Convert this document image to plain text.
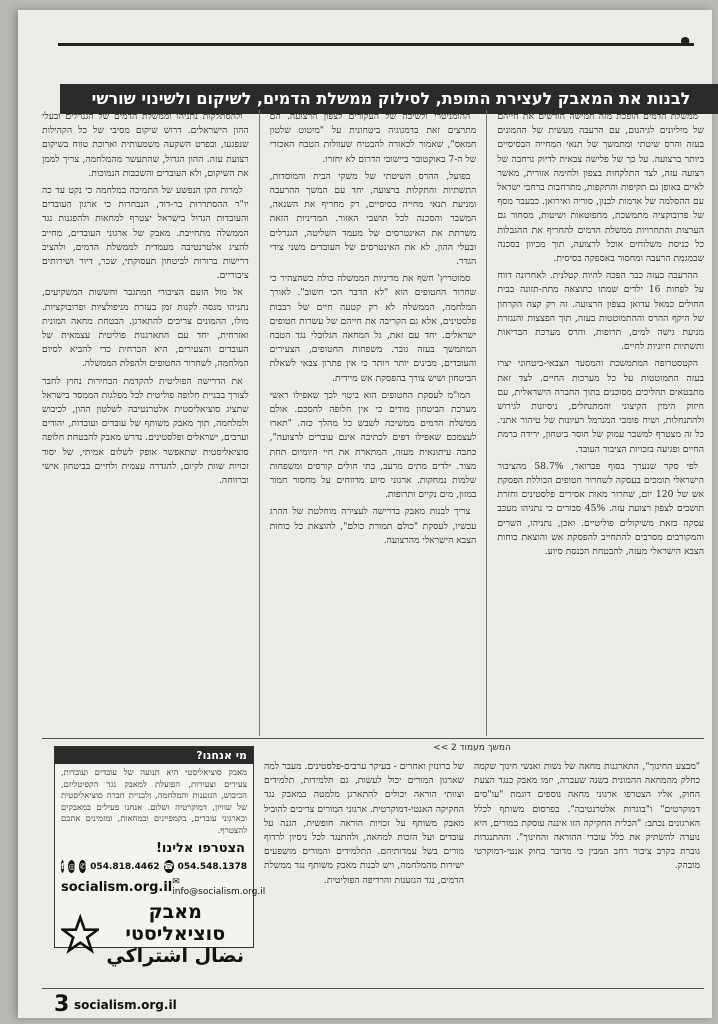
●
לבנות את המאבק לעצירת התופת, לסילוק ממשלת הדמים, לשיקום ולשינוי שורשי

ממשלת הדמים הופכת מזה חמישה חודשים את חייהם של מיליונים לגיהנום, עם הרעבה מעשית של ההמונים בעזה והרס שיטתי ומתמשך של תנאי המחייה הבסיסיים ביותר ברצועה. על כך של פלישה צבאית לדיוק נרחבה של רצועה עזה, לצד התלקחות בצפון ולחימה אזורית, מאשר לאיים באופן גם תקיפות והתקפות, מתרחבות ברחבי ישראל עם ההסלמה של אדמות לבנון, סוריה ואירואן. כבעבר מסף של פרובוקציה מתמשכת, מחפוטאות ושיטות, מסחור גם הערצות והתחרויות ממשלת הדמים להחריף את ההגבלות כל כניסת משלוחים אוכל לרצועה, תוך מכיוון בסכנה שבמגמת הרעבה ומחסור באספקה בסיסית.

ההרעבה בעזה כבר הפכה להיות קטלנית. לאחרונה דווח על לפחות 16 ילדים שמתו כתוצאה מתת-תזונה בבית החולים כמאל עדואן בצפון הרצועה. זה רק קצה הקרחון של היקף ההרס וההתמוטטות בעזה, תוך הפצצות והנגזרת מניעת גישה למים, תרופות, והרס מערכת הבריאות ותשתיות חיוניות לחיים.

הקטסטרופה המתמשכת והמסעד הצבאי-ביטחוני יצרו בעזה התמוטטות על כל מערכות החיים. לצד זאת מתבטאים תהליכים מסוכנים בתוך החברה הישראלית, עם חיזוק הימין הקיצוני והמתנחלים, ניסיונות לגירוש ולהתנחלות, ושיח פומבי המנרמל רעיונות של טיהור אתני. כל זה מצטרף למשבר עמוק של חוסר ביטחון, ירידה ברמת החיים ופגיעה בזכויות הציבור העובד.

לפי סקר שנערך בסוף פברואר, 58.7% מהציבור הישראלי תומכים בעסקה לשחרור חטופים הכוללת הפסקת אש של 120 יום, שחרור מאות אסירים פלסטינים וחזרת תושבים לצפון רצועת עזה. 45% סבורים כי נתניהו מעכב עסקה כזאת משיקולים פוליטיים. ואכן, נתניהו, השרים והמקורבים מסרבים להתחייב להפסקת אש והוצאת כוחות הצבא הישראלי מעזה, להבטחת הכנסת סיוע.

ההומניטרי ולשיבה של העקורים לצפון הרצועה. הם מתרצים זאת בדמגוגיה ביטחונית על "מיטוט שלטון חמאס", שאמור לכאורה להבטיח שעוולות הטבח האכזרי של ה-7 באוקטובר ביישובי הדרום לא יחזרו.

בפועל, ההרס השיטתי של משקי הבית והמוסדות, התשתיות והתקלות ברצועה, יחד עם המשך ההרעבה ומניעת תנאי מחייה בסיסיים, רק מחריף את השנאה, המשבר והסכנה לכל תושבי האזור. המדיניות הזאת משרתת את האינטרסים של מעמד השליטה, הגנרלים ובעלי ההון, לא את האינטרסים של העובדים משני צידי הגדר.

סמוטריץ' חשף את מדיניות הממשלה כולה כשהצהיר כי שחרור החטופים הוא "לא הדבר הכי חשוב". לאורך המלחמה, הממשלה לא רק קטעה חיים של רבבות פלסטינים, אלא גם הקריבה את חייהם של עשרות חטופים ישראלים. יחד עם זאת, גל המחאה הגלובלי נגד הטבח המתמשך בעזה גובר. משפחות החטופים, הצעירים והעובדים, מבינים יותר ויותר כי אין פתרון צבאי לשאלת הביטחון ושיש צורך בהפסקת אש מיידית.

המו"מ לעסקת החטופים הוא ביטוי לכך שאפילו ראשי מערכת הביטחון מודים כי אין חלופה להסכם. אולם ממשלת הדמים ממשיכה לשבש כל מהלך כזה. "תארו לעצמכם שאפילו דפים לכתיבה אינם עוברים לרצועה", כתבה עיתונאית מעזה, המתארת את חיי היומיום תחת מצור. ילדים מתים מרעב, בתי חולים קורסים ומשפחות שלמות נמחקות. ארגוני סיוע מדווחים על מחסור חמור במזון, מים נקיים ותרופות.

צריך לבנות מאבק בדרישה לעצירה מוחלטת של ההרג עכשיו, לעסקת "כולם תמורת כולם", להוצאת כל כוחות הצבא הישראלי מהרצועה.

ולהסתלקות נתניהו וממשלת הדמים של הגנרלים ובעלי ההון הישראלים. דרוש שיקום מסיבי של כל הקהילות שנפגעו, ובפרט השקעה משמעותית וארוכת טווח בשיקום רצועת עזה. ההון הגדול, שהתעשר מהמלחמה, צריך לממן את השיקום, ולא העובדים והשכבות הנמוכות.

למרות הקו הנפשע של התמיכה במלחמה כי נקט עד כה יו"ר ההסתדרות בר-דוד, הנבחרות כי ארגון העובדים והעובדות הגדול בישראל יצטרף למחאות ולהפגנות נגד הממשלה מתחייבת. מאבק של ארגוני העובדים, מחייב להציג אלטרנטיבה מעמדית לממשלת הדמים, ולהציב דרישות ברורות לביטחון תעסוקתי, שכר, דיור ושירותים ציבוריים.

אל מול הזעם הציבורי המתגבר וחששות המשקיעים, נתניהו מנסה לקנות זמן בעזרת מניפולציות ופרובוקציות. מולו, ההמונים צריכים להתארגן. הבטחת מחאה המונית ואזרחית, יחד עם התארגנות פוליטית עצמאית של העובדים והצעירים, היא הכרחית כדי להביא לסיום המלחמה, לשחרור החטופים ולהפלת הממשלה.

את הדרישה הפוליטית להקדמת הבחירות נחוץ לחבר לצורך בבניית חלופה פוליטית לכל מפלגות הממסד בישראל שתציג סוציאליסטית אלטרנטיבה לשלטון ההון, לכיבוש ולמלחמה, תוך מאבק משותף של עובדים ועובדות, יהודים וערבים, ישראלים ופלסטינים. נדרש מאבק להבטחת חלופה סוציאליסטית שתאפשר אופק לשלום אמיתי, של יסוד זכויות שוות לקיום, להגדרה עצמית ולחיים בביטחון אישי וברווחה.

המשך מעמוד 2 >>

"מבצע החינוך", התארגנות מחאה של נשות ואנשי חינוך שקמה כחלק מהמחאה ההמונית בשנה שעברה, יזמו מאבק כנגד הצעת החוק, אליו הצטרפו ארגוני מחאה נוספים דוגמת "עו"סים דמוקרטים" ו"בוגרות אלטרנטיבה". בפרסום משותף לכלל הארגונים נכתב: "הכלית החקיקה הזו איננה עוסקת במורים, היא נועדה להשתיק את כלל עובדי ההוראה והחינוך". וההתנגדות גוברת בקרב ציבור רחב המבין כי מדובר בחוק אנטי-דמוקרטי מובהק.

של ברונזין ואחרים - בעיקר ערבים-פלסטינים. מעבר למה שארגון המורים יכול לעשות, גם תלמידות, תלמידים וצוותי הוראה יכולים להתארגן מלמטה במאבק נגד החקיקה האנטי-דמוקרטית. ארגוני המורים צריכים להוביל מאבק משותף על זכויות הוראה חופשית, הגנה על עובדים ועל הזכות למחאה, ולהתנגד לכל ניסיון לרדוף מורים בשל עמדותיהם. התלמידים והמורים מושפעים ישירות מהמלחמה, ויש לבנות מאבק משותף נגד ממשלת הדמים, נגד הגזענות והרדיפה הפוליטית.

מי אנחנו?
מאבק סוציאליסטי היא תנועה של עובדים ועובדות, צעירים וצעירות, הפועלת למאבק נגד הקפיטליזם, הכיבוש, הגזענות והמלחמה, ולבניית חברה סוציאליסטית של שוויון, דמוקרטיה ושלום. אנחנו פעילים במאבקים ובארגוני עובדים, בקמפיינים ובמחאות, ומזמינים אתכם להצטרף.
הצטרפו אלינו!
f ◎ ✆ 054.818.4462 ☎ 054.548.1378
socialism.org.il ✉ info@socialism.org.il
מאבק סוציאליסטי
نضال اشتراكي
3 socialism.org.il
